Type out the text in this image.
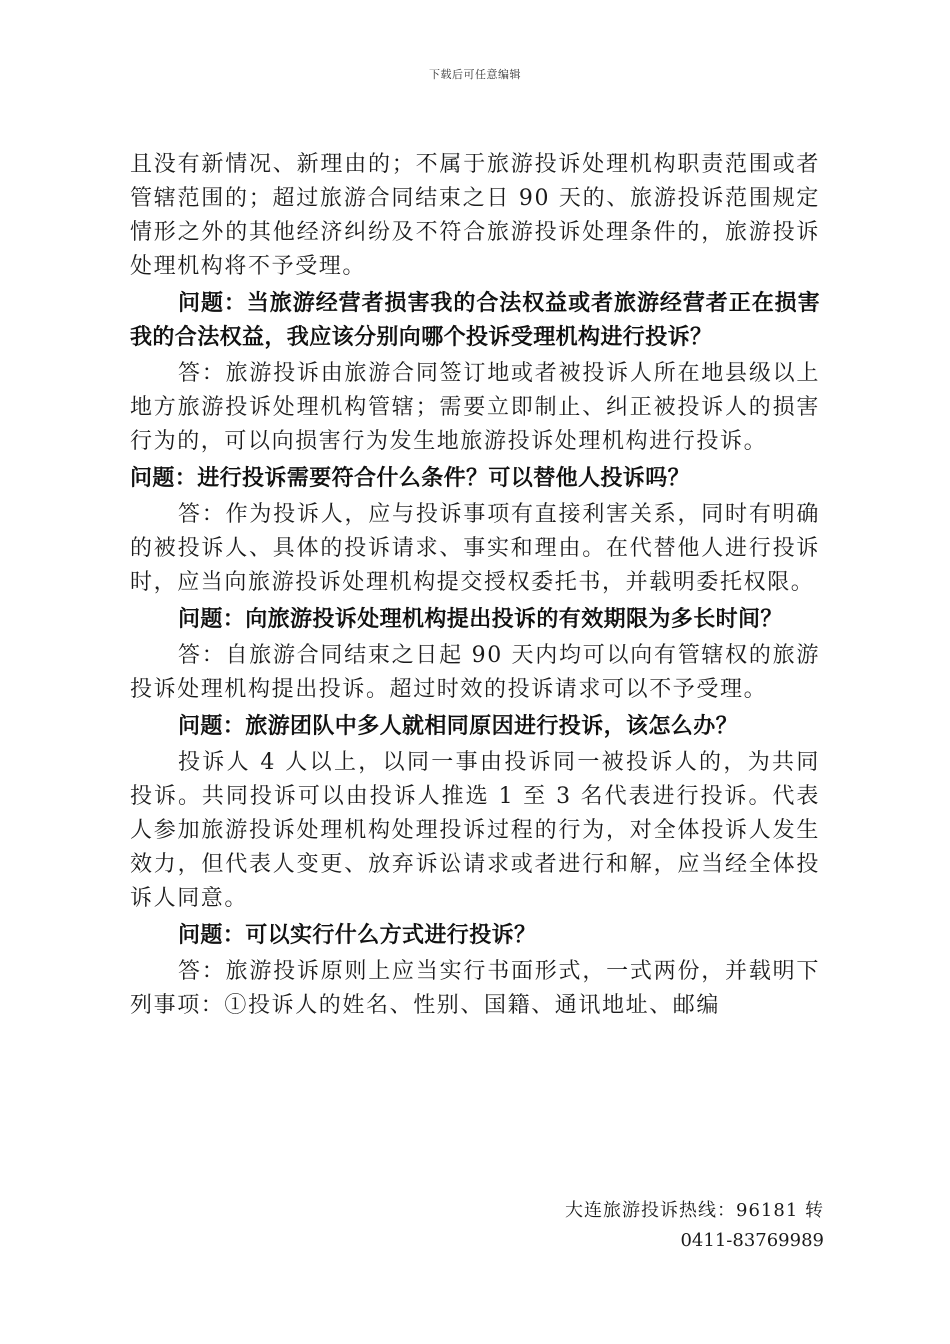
下载后可任意编辑

且没有新情况、新理由的；不属于旅游投诉处理机构职责范围或者管辖范围的；超过旅游合同结束之日 90 天的、旅游投诉范围规定情形之外的其他经济纠纷及不符合旅游投诉处理条件的，旅游投诉处理机构将不予受理。

问题：当旅游经营者损害我的合法权益或者旅游经营者正在损害我的合法权益，我应该分别向哪个投诉受理机构进行投诉？

答：旅游投诉由旅游合同签订地或者被投诉人所在地县级以上地方旅游投诉处理机构管辖；需要立即制止、纠正被投诉人的损害行为的，可以向损害行为发生地旅游投诉处理机构进行投诉。

问题：进行投诉需要符合什么条件？可以替他人投诉吗？

答：作为投诉人，应与投诉事项有直接利害关系，同时有明确的被投诉人、具体的投诉请求、事实和理由。在代替他人进行投诉时，应当向旅游投诉处理机构提交授权委托书，并载明委托权限。

问题：向旅游投诉处理机构提出投诉的有效期限为多长时间？

答：自旅游合同结束之日起 90 天内均可以向有管辖权的旅游投诉处理机构提出投诉。超过时效的投诉请求可以不予受理。

问题：旅游团队中多人就相同原因进行投诉，该怎么办？

投诉人 4 人以上，以同一事由投诉同一被投诉人的，为共同投诉。共同投诉可以由投诉人推选 1 至 3 名代表进行投诉。代表人参加旅游投诉处理机构处理投诉过程的行为，对全体投诉人发生效力，但代表人变更、放弃诉讼请求或者进行和解，应当经全体投诉人同意。

问题：可以实行什么方式进行投诉？

答：旅游投诉原则上应当实行书面形式，一式两份，并载明下列事项：①投诉人的姓名、性别、国籍、通讯地址、邮编

大连旅游投诉热线：96181 转
0411-83769989
